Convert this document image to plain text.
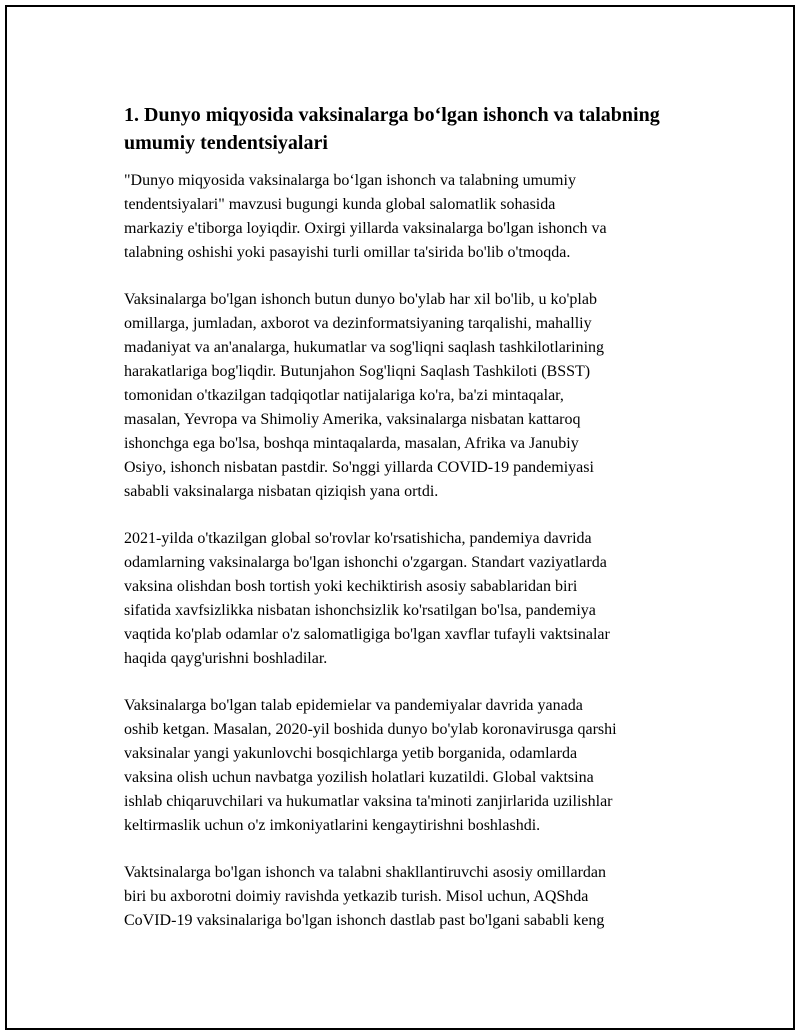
1. Dunyo miqyosida vaksinalarga bo‘lgan ishonch va talabning umumiy tendentsiyalari

"Dunyo miqyosida vaksinalarga bo‘lgan ishonch va talabning umumiy
tendentsiyalari" mavzusi bugungi kunda global salomatlik sohasida
markaziy e'tiborga loyiqdir. Oxirgi yillarda vaksinalarga bo'lgan ishonch va
talabning oshishi yoki pasayishi turli omillar ta'sirida bo'lib o'tmoqda.

Vaksinalarga bo'lgan ishonch butun dunyo bo'ylab har xil bo'lib, u ko'plab
omillarga, jumladan, axborot va dezinformatsiyaning tarqalishi, mahalliy
madaniyat va an'analarga, hukumatlar va sog'liqni saqlash tashkilotlarining
harakatlariga bog'liqdir. Butunjahon Sog'liqni Saqlash Tashkiloti (BSST)
tomonidan o'tkazilgan tadqiqotlar natijalariga ko'ra, ba'zi mintaqalar,
masalan, Yevropa va Shimoliy Amerika, vaksinalarga nisbatan kattaroq
ishonchga ega bo'lsa, boshqa mintaqalarda, masalan, Afrika va Janubiy
Osiyo, ishonch nisbatan pastdir. So'nggi yillarda COVID-19 pandemiyasi
sababli vaksinalarga nisbatan qiziqish yana ortdi.

2021-yilda o'tkazilgan global so'rovlar ko'rsatishicha, pandemiya davrida
odamlarning vaksinalarga bo'lgan ishonchi o'zgargan. Standart vaziyatlarda
vaksina olishdan bosh tortish yoki kechiktirish asosiy sabablaridan biri
sifatida xavfsizlikka nisbatan ishonchsizlik ko'rsatilgan bo'lsa, pandemiya
vaqtida ko'plab odamlar o'z salomatligiga bo'lgan xavflar tufayli vaktsinalar
haqida qayg'urishni boshladilar.

Vaksinalarga bo'lgan talab epidemielar va pandemiyalar davrida yanada
oshib ketgan. Masalan, 2020-yil boshida dunyo bo'ylab koronavirusga qarshi
vaksinalar yangi yakunlovchi bosqichlarga yetib borganida, odamlarda
vaksina olish uchun navbatga yozilish holatlari kuzatildi. Global vaktsina
ishlab chiqaruvchilari va hukumatlar vaksina ta'minoti zanjirlarida uzilishlar
keltirmaslik uchun o'z imkoniyatlarini kengaytirishni boshlashdi.

Vaktsinalarga bo'lgan ishonch va talabni shakllantiruvchi asosiy omillardan
biri bu axborotni doimiy ravishda yetkazib turish. Misol uchun, AQShda
CoVID-19 vaksinalariga bo'lgan ishonch dastlab past bo'lgani sababli keng
